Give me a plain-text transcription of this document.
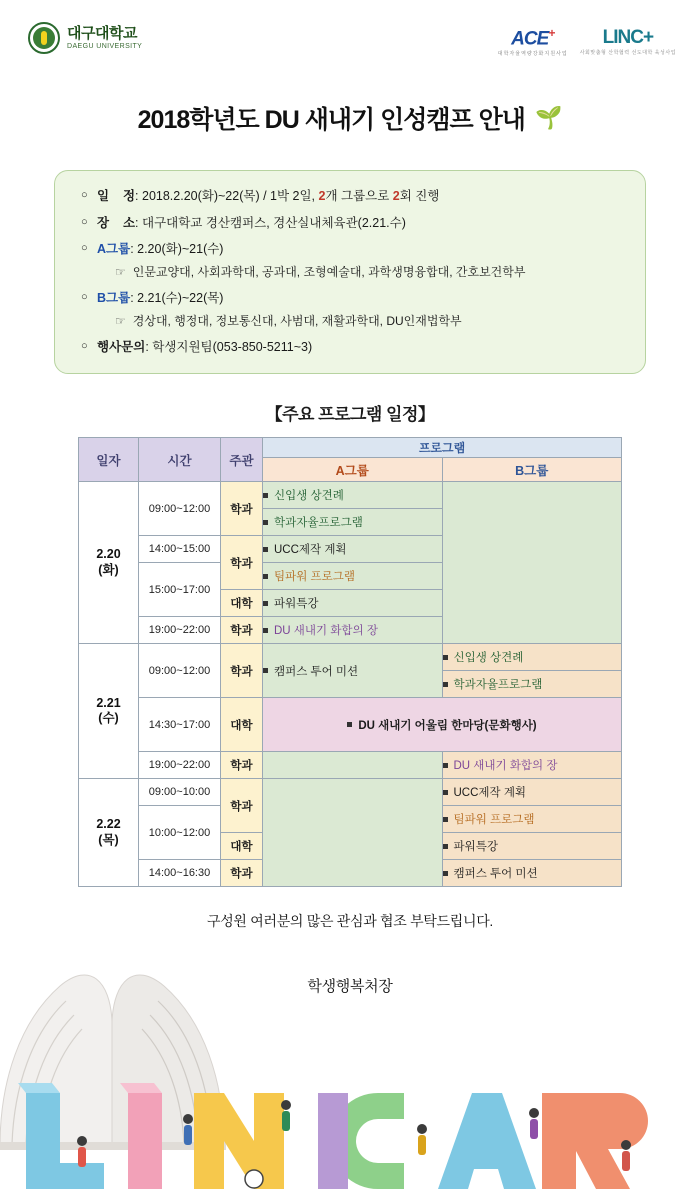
대구대학교
DAEGU UNIVERSITY	ACE+
대학자율역량강화지원사업
LINC+
사회맞춤형 산학협력 선도대학 육성사업
2018학년도 DU 새내기 인성캠프 안내 🌱
○ 일    정 : 2018.2.20(화)~22(목) / 1박 2일, 2개 그룹으로 2회 진행
○ 장    소 : 대구대학교 경산캠퍼스, 경산실내체육관(2.21.수)
○ A그룹 : 2.20(화)~21(수)
☞ 인문교양대, 사회과학대, 공과대, 조형예술대, 과학생명융합대, 간호보건학부
○ B그룹 : 2.21(수)~22(목)
☞ 경상대, 행정대, 정보통신대, 사범대, 재활과학대, DU인재법학부
○ 행사문의 : 학생지원팀(053-850-5211~3)
【주요 프로그램 일정】
일자	시간	주관	프로그램	
			A그룹	B그룹
2.20
(화)	09:00~12:00	학과	신입생 상견례	
			학과자율프로그램	
	14:00~15:00	학과	UCC제작 계획	
	15:00~17:00		팀파워 프로그램	
		대학	파워특강	
	19:00~22:00	학과	DU 새내기 화합의 장	
2.21
(수)	09:00~12:00	학과	캠퍼스 투어 미션	신입생 상견례
				학과자율프로그램
	14:30~17:00	대학	DU 새내기 어울림 한마당(문화행사)	
	19:00~22:00	학과		DU 새내기 화합의 장
2.22
(목)	09:00~10:00	학과		UCC제작 계획
	10:00~12:00			팀파워 프로그램
		대학		파워특강
	14:00~16:30	학과		캠퍼스 투어 미션
구성원 여러분의 많은 관심과 협조 부탁드립니다.
학생행복처장
